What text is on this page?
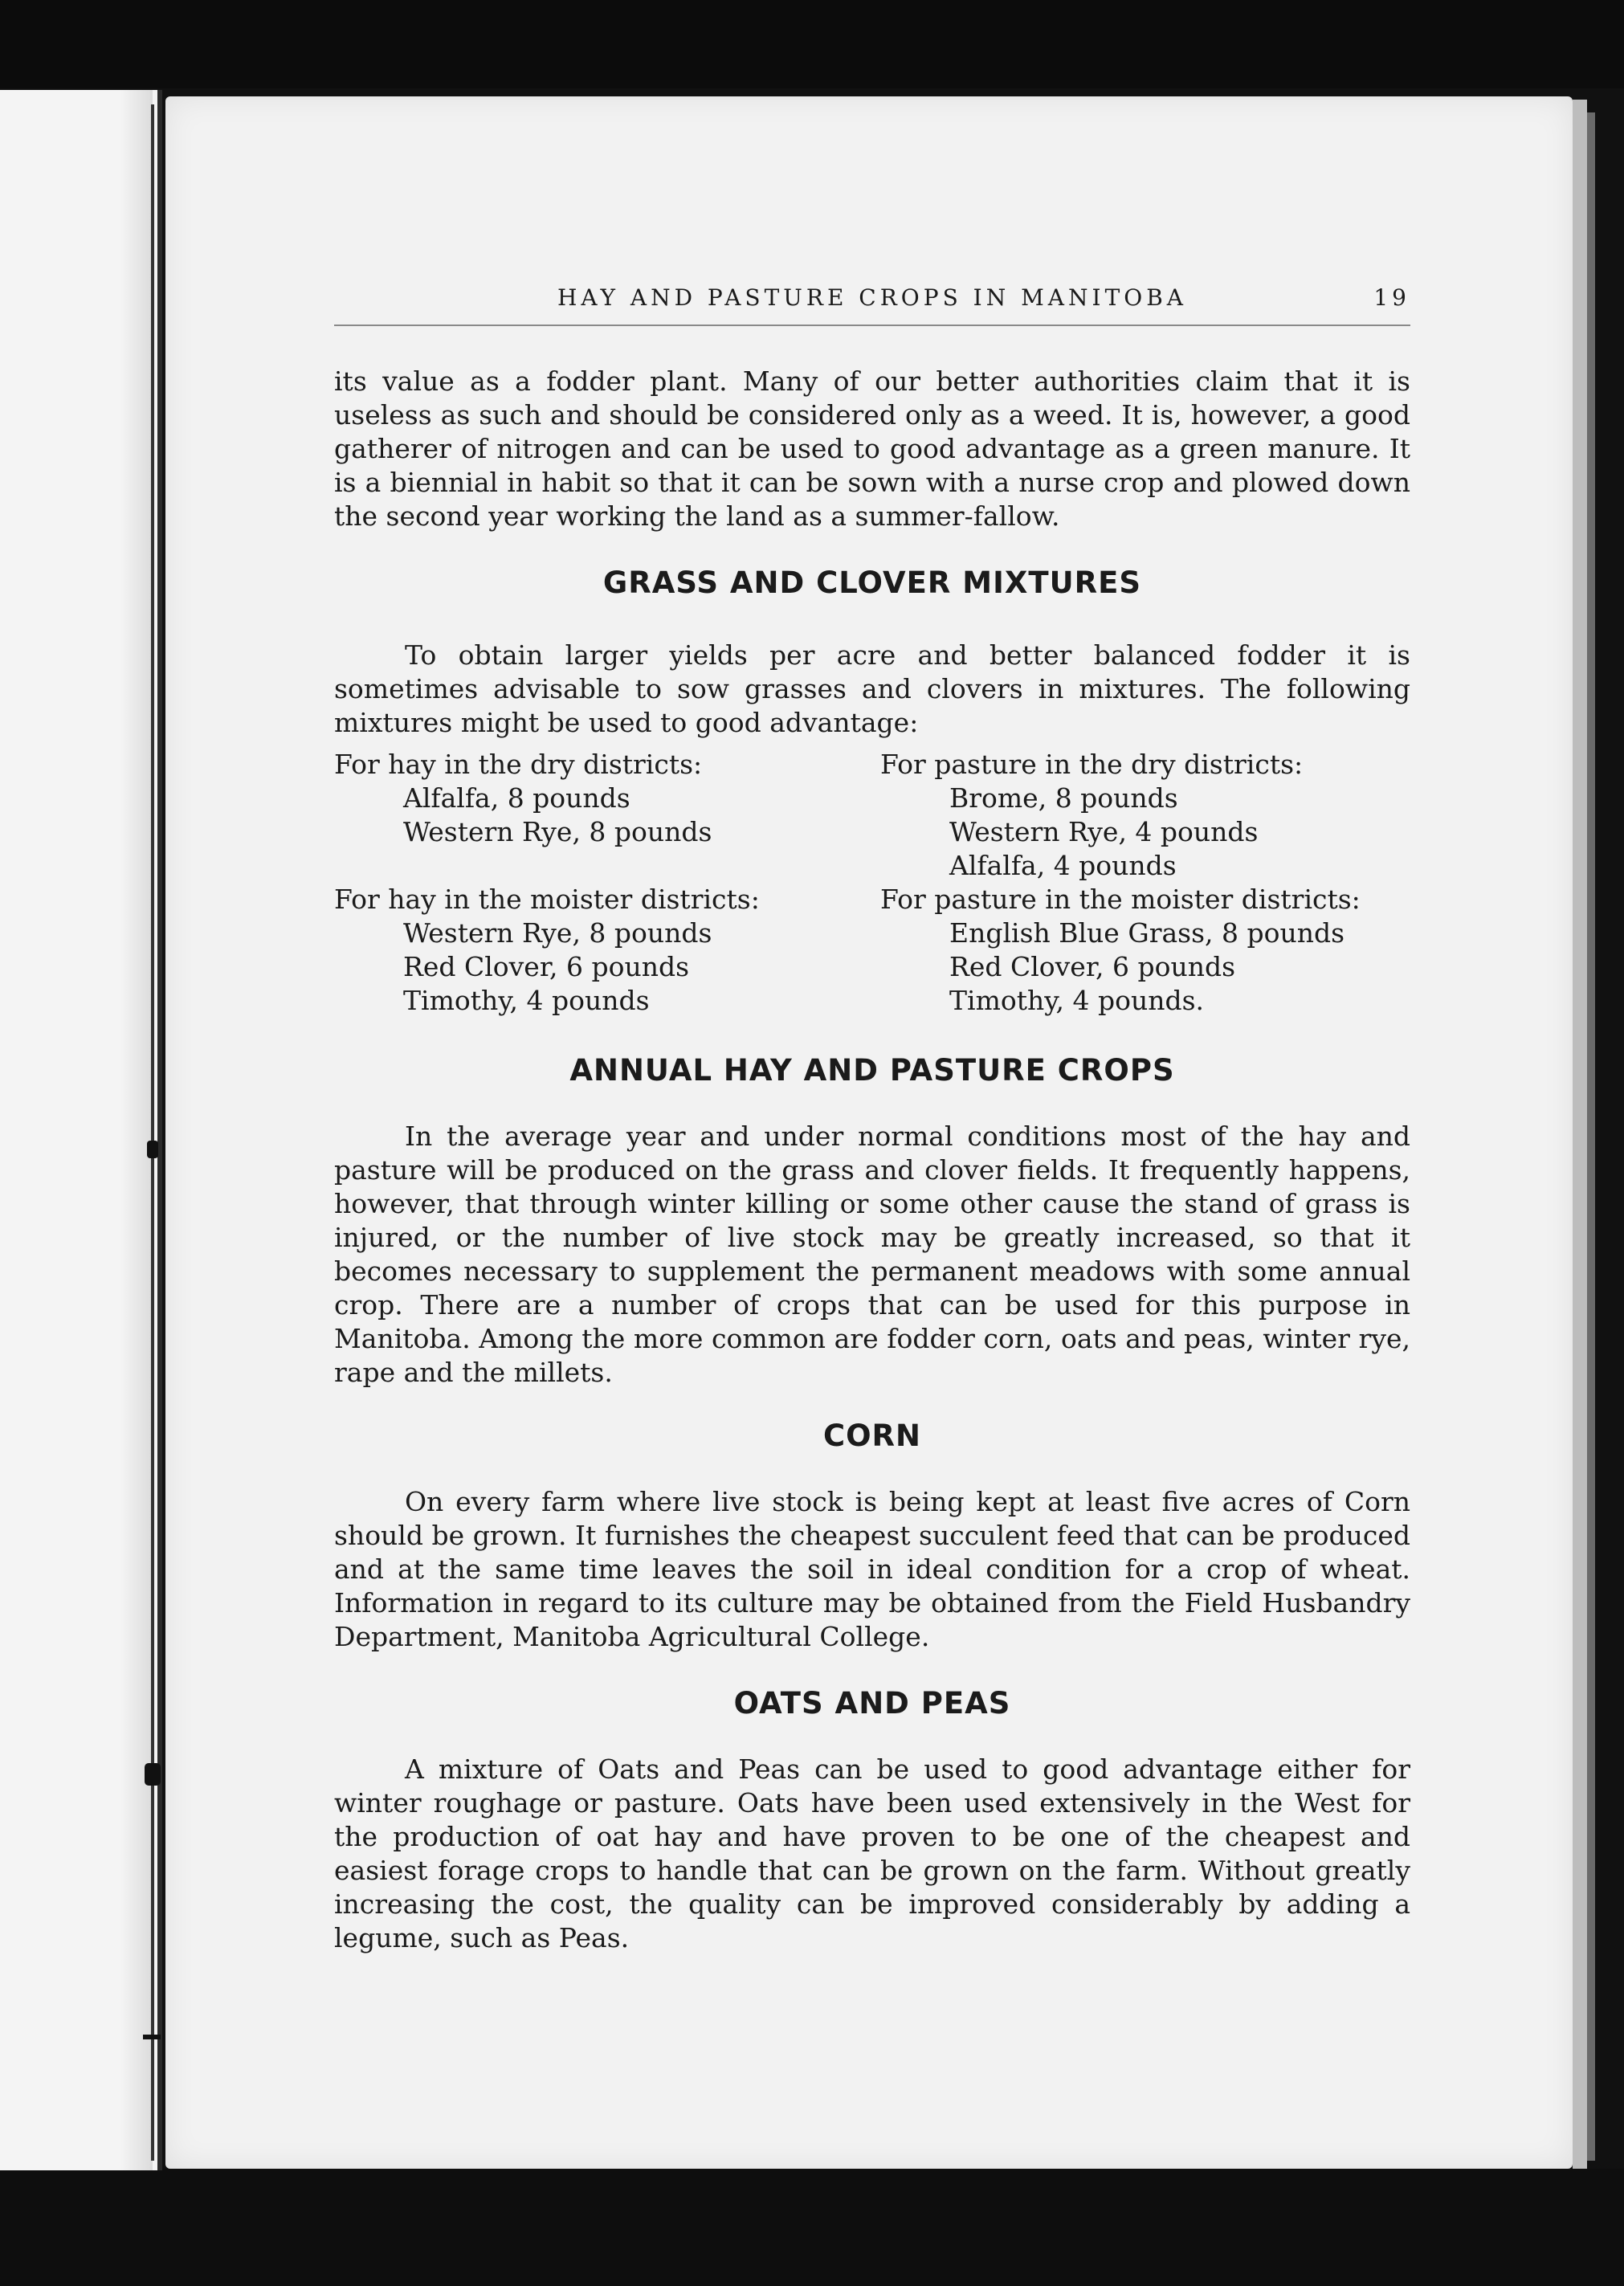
HAY AND PASTURE CROPS IN MANITOBA	19

its value as a fodder plant. Many of our better authorities claim that it is useless as such and should be considered only as a weed. It is, however, a good gatherer of nitrogen and can be used to good advantage as a green manure. It is a biennial in habit so that it can be sown with a nurse crop and plowed down the second year working the land as a summer-fallow.

GRASS AND CLOVER MIXTURES

To obtain larger yields per acre and better balanced fodder it is sometimes advisable to sow grasses and clovers in mixtures. The following mixtures might be used to good advantage:

For hay in the dry districts:
Alfalfa, 8 pounds
Western Rye, 8 pounds

For hay in the moister districts:
Western Rye, 8 pounds
Red Clover, 6 pounds
Timothy, 4 pounds
For pasture in the dry districts:
Brome, 8 pounds
Western Rye, 4 pounds
Alfalfa, 4 pounds
For pasture in the moister districts:
English Blue Grass, 8 pounds
Red Clover, 6 pounds
Timothy, 4 pounds.
ANNUAL HAY AND PASTURE CROPS

In the average year and under normal conditions most of the hay and pasture will be produced on the grass and clover fields. It frequently happens, however, that through winter killing or some other cause the stand of grass is injured, or the number of live stock may be greatly increased, so that it becomes necessary to supplement the permanent meadows with some annual crop. There are a number of crops that can be used for this purpose in Manitoba. Among the more common are fodder corn, oats and peas, winter rye, rape and the millets.

CORN

On every farm where live stock is being kept at least five acres of Corn should be grown. It furnishes the cheapest succulent feed that can be produced and at the same time leaves the soil in ideal condition for a crop of wheat. Information in regard to its culture may be obtained from the Field Husbandry Department, Manitoba Agricultural College.

OATS AND PEAS

A mixture of Oats and Peas can be used to good advantage either for winter roughage or pasture. Oats have been used extensively in the West for the production of oat hay and have proven to be one of the cheapest and easiest forage crops to handle that can be grown on the farm. Without greatly increasing the cost, the quality can be improved considerably by adding a legume, such as Peas.
